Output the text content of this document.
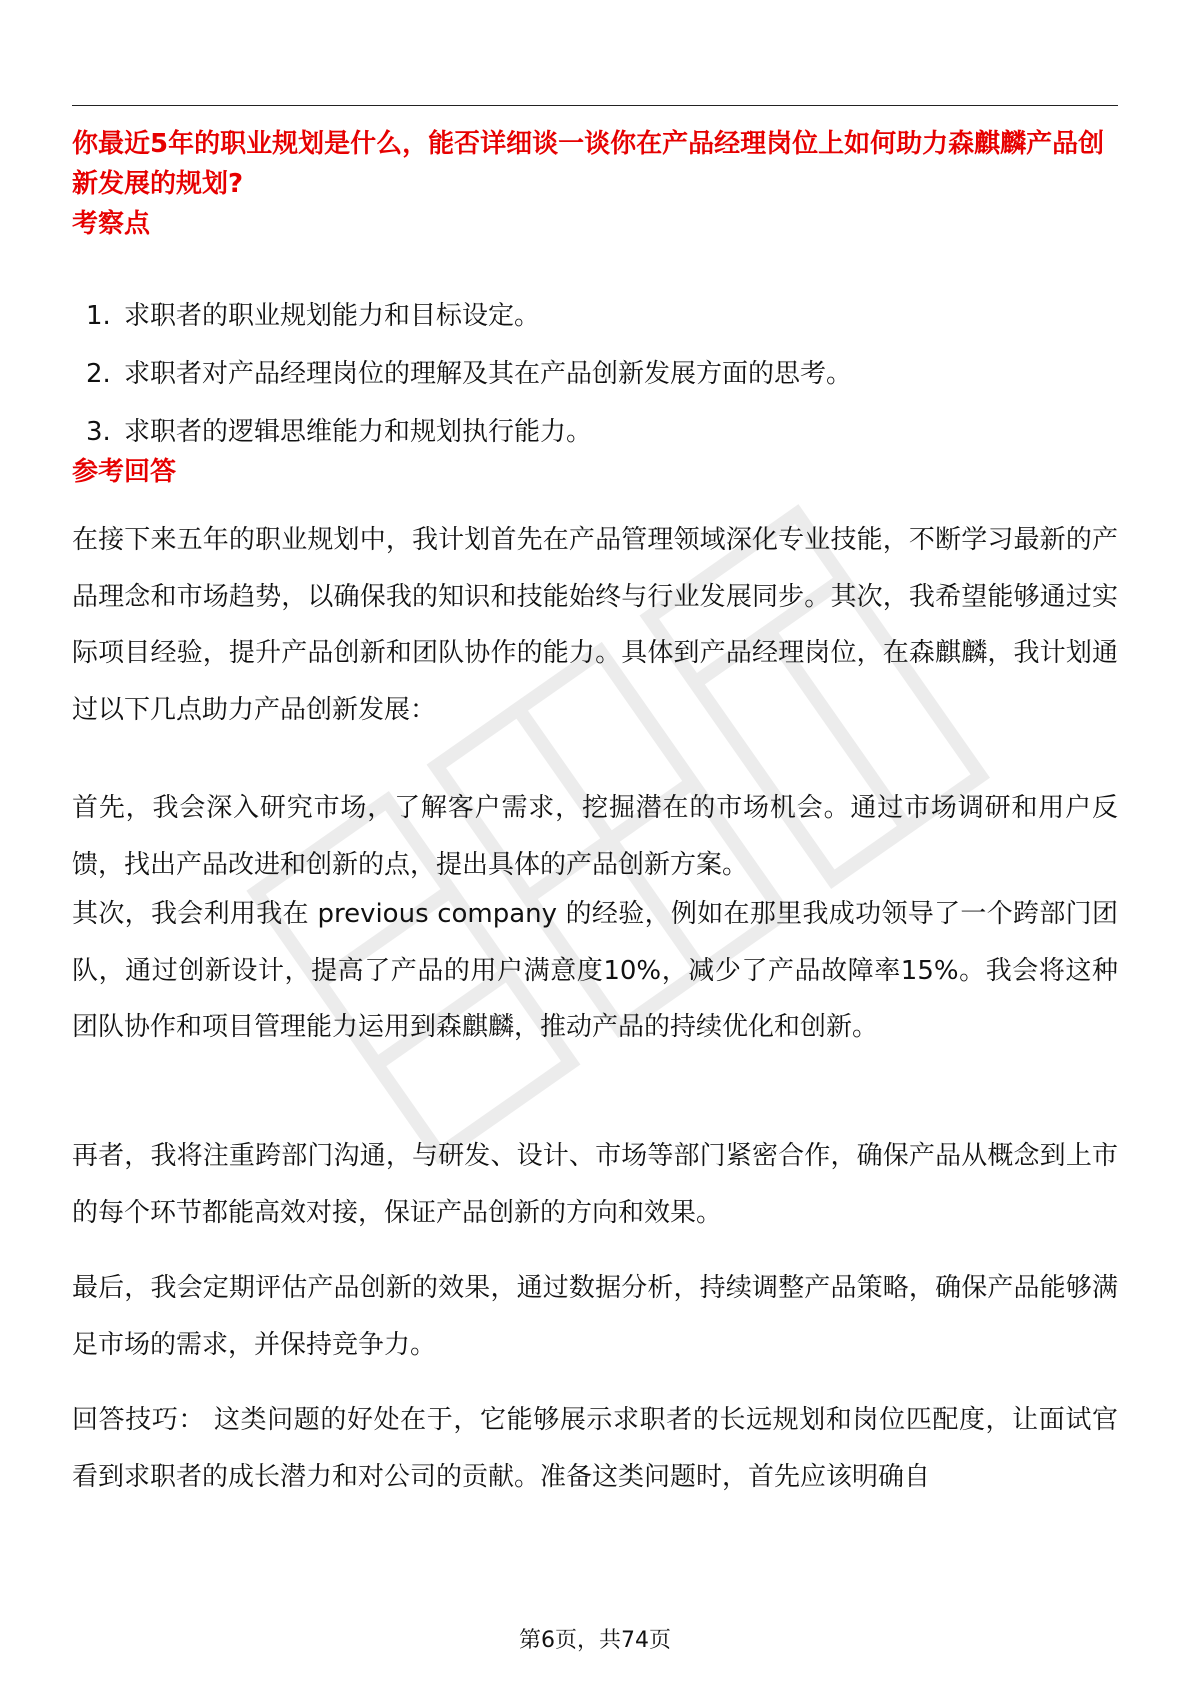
你最近5年的职业规划是什么，能否详细谈一谈你在产品经理岗位上如何助力森麒麟产品创新发展的规划?

考察点
1. 求职者的职业规划能力和目标设定。
2. 求职者对产品经理岗位的理解及其在产品创新发展方面的思考。
3. 求职者的逻辑思维能力和规划执行能力。
参考回答

在接下来五年的职业规划中，我计划首先在产品管理领域深化专业技能，不断学习最新的产品理念和市场趋势，以确保我的知识和技能始终与行业发展同步。其次，我希望能够通过实际项目经验，提升产品创新和团队协作的能力。具体到产品经理岗位，在森麒麟，我计划通过以下几点助力产品创新发展：

首先，我会深入研究市场，了解客户需求，挖掘潜在的市场机会。通过市场调研和用户反馈，找出产品改进和创新的点，提出具体的产品创新方案。

其次，我会利用我在 previous company 的经验，例如在那里我成功领导了一个跨部门团队，通过创新设计，提高了产品的用户满意度10%，减少了产品故障率15%。我会将这种团队协作和项目管理能力运用到森麒麟，推动产品的持续优化和创新。

再者，我将注重跨部门沟通，与研发、设计、市场等部门紧密合作，确保产品从概念到上市的每个环节都能高效对接，保证产品创新的方向和效果。

最后，我会定期评估产品创新的效果，通过数据分析，持续调整产品策略，确保产品能够满足市场的需求，并保持竞争力。

回答技巧： 这类问题的好处在于，它能够展示求职者的长远规划和岗位匹配度，让面试官看到求职者的成长潜力和对公司的贡献。准备这类问题时，首先应该明确自

第6页，共74页
